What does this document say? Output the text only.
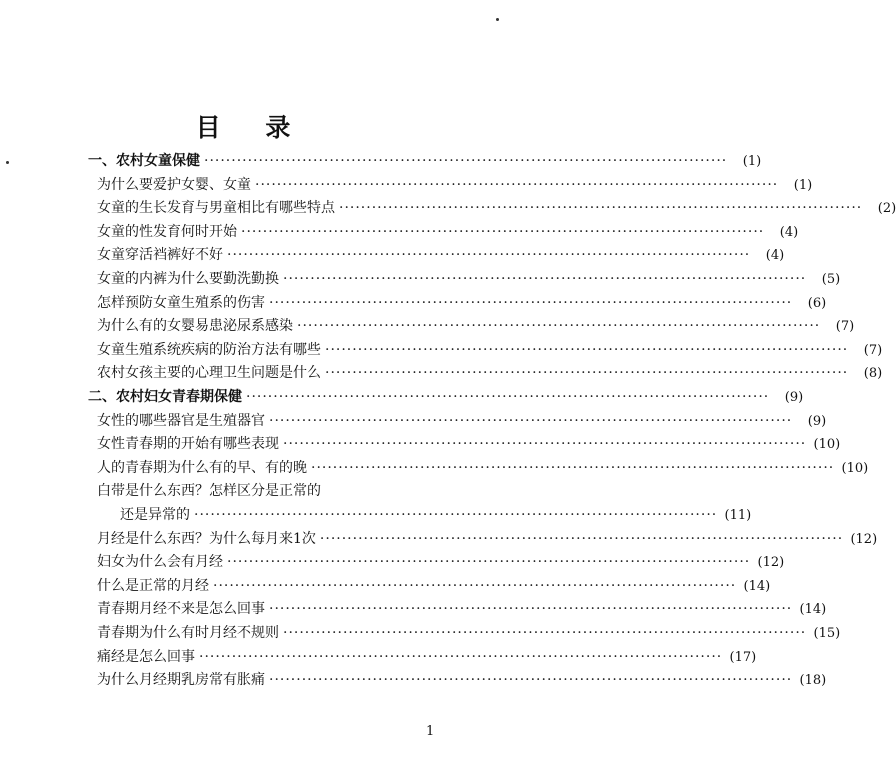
目 录
一、农村女童保健 ································································································	(1)
为什么要爱护女婴、女童 ································································································	(1)
女童的生长发育与男童相比有哪些特点 ································································································	(2)
女童的性发育何时开始 ································································································	(4)
女童穿活裆裤好不好 ································································································	(4)
女童的内裤为什么要勤洗勤换 ································································································	(5)
怎样预防女童生殖系的伤害 ································································································	(6)
为什么有的女婴易患泌尿系感染 ································································································	(7)
女童生殖系统疾病的防治方法有哪些 ································································································	(7)
农村女孩主要的心理卫生问题是什么 ································································································	(8)
二、农村妇女青春期保健 ································································································	(9)
女性的哪些器官是生殖器官 ································································································	(9)
女性青春期的开始有哪些表现 ································································································ (10)
人的青春期为什么有的早、有的晚 ································································································ (10)
白带是什么东西？怎样区分是正常的
还是异常的 ································································································ (11)
月经是什么东西？为什么每月来1次 ································································································ (12)
妇女为什么会有月经 ································································································ (12)
什么是正常的月经 ································································································ (14)
青春期月经不来是怎么回事 ································································································ (14)
青春期为什么有时月经不规则 ································································································ (15)
痛经是怎么回事 ································································································ (17)
为什么月经期乳房常有胀痛 ································································································ (18)
1
